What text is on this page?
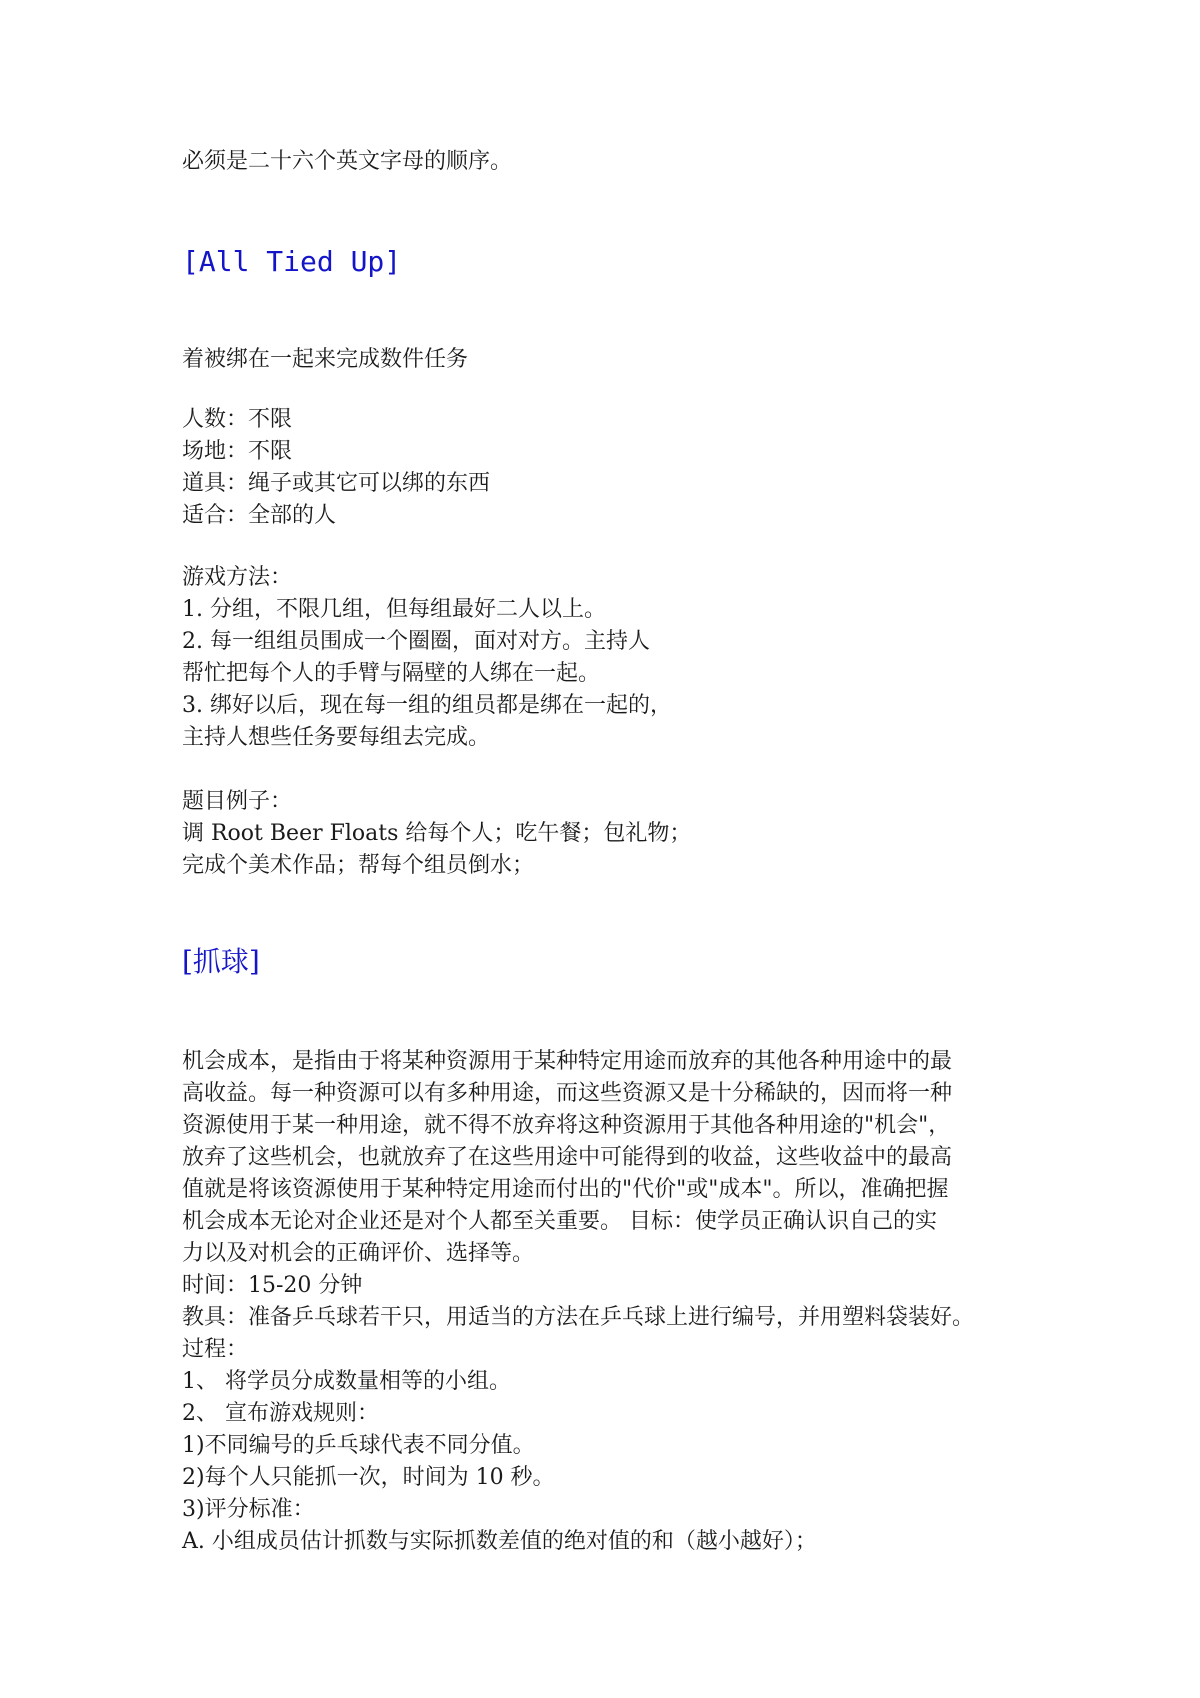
必须是二十六个英文字母的顺序。
[All Tied Up]
着被绑在一起来完成数件任务
人数：不限
场地：不限
道具：绳子或其它可以绑的东西
适合：全部的人
游戏方法：
1. 分组，不限几组，但每组最好二人以上。
2. 每一组组员围成一个圈圈，面对对方。主持人
帮忙把每个人的手臂与隔壁的人绑在一起。
3. 绑好以后，现在每一组的组员都是绑在一起的，
主持人想些任务要每组去完成。
题目例子：
调 Root Beer Floats 给每个人；吃午餐；包礼物；
完成个美术作品；帮每个组员倒水；
[抓球]
机会成本，是指由于将某种资源用于某种特定用途而放弃的其他各种用途中的最
高收益。每一种资源可以有多种用途，而这些资源又是十分稀缺的，因而将一种
资源使用于某一种用途，就不得不放弃将这种资源用于其他各种用途的"机会"，
放弃了这些机会，也就放弃了在这些用途中可能得到的收益，这些收益中的最高
值就是将该资源使用于某种特定用途而付出的"代价"或"成本"。所以，准确把握
机会成本无论对企业还是对个人都至关重要。 目标：使学员正确认识自己的实
力以及对机会的正确评价、选择等。
时间：15-20 分钟
教具：准备乒乓球若干只，用适当的方法在乒乓球上进行编号，并用塑料袋装好。
过程：
1、 将学员分成数量相等的小组。
2、 宣布游戏规则：
1)不同编号的乒乓球代表不同分值。
2)每个人只能抓一次，时间为 10 秒。
3)评分标准：
A. 小组成员估计抓数与实际抓数差值的绝对值的和（越小越好）；
